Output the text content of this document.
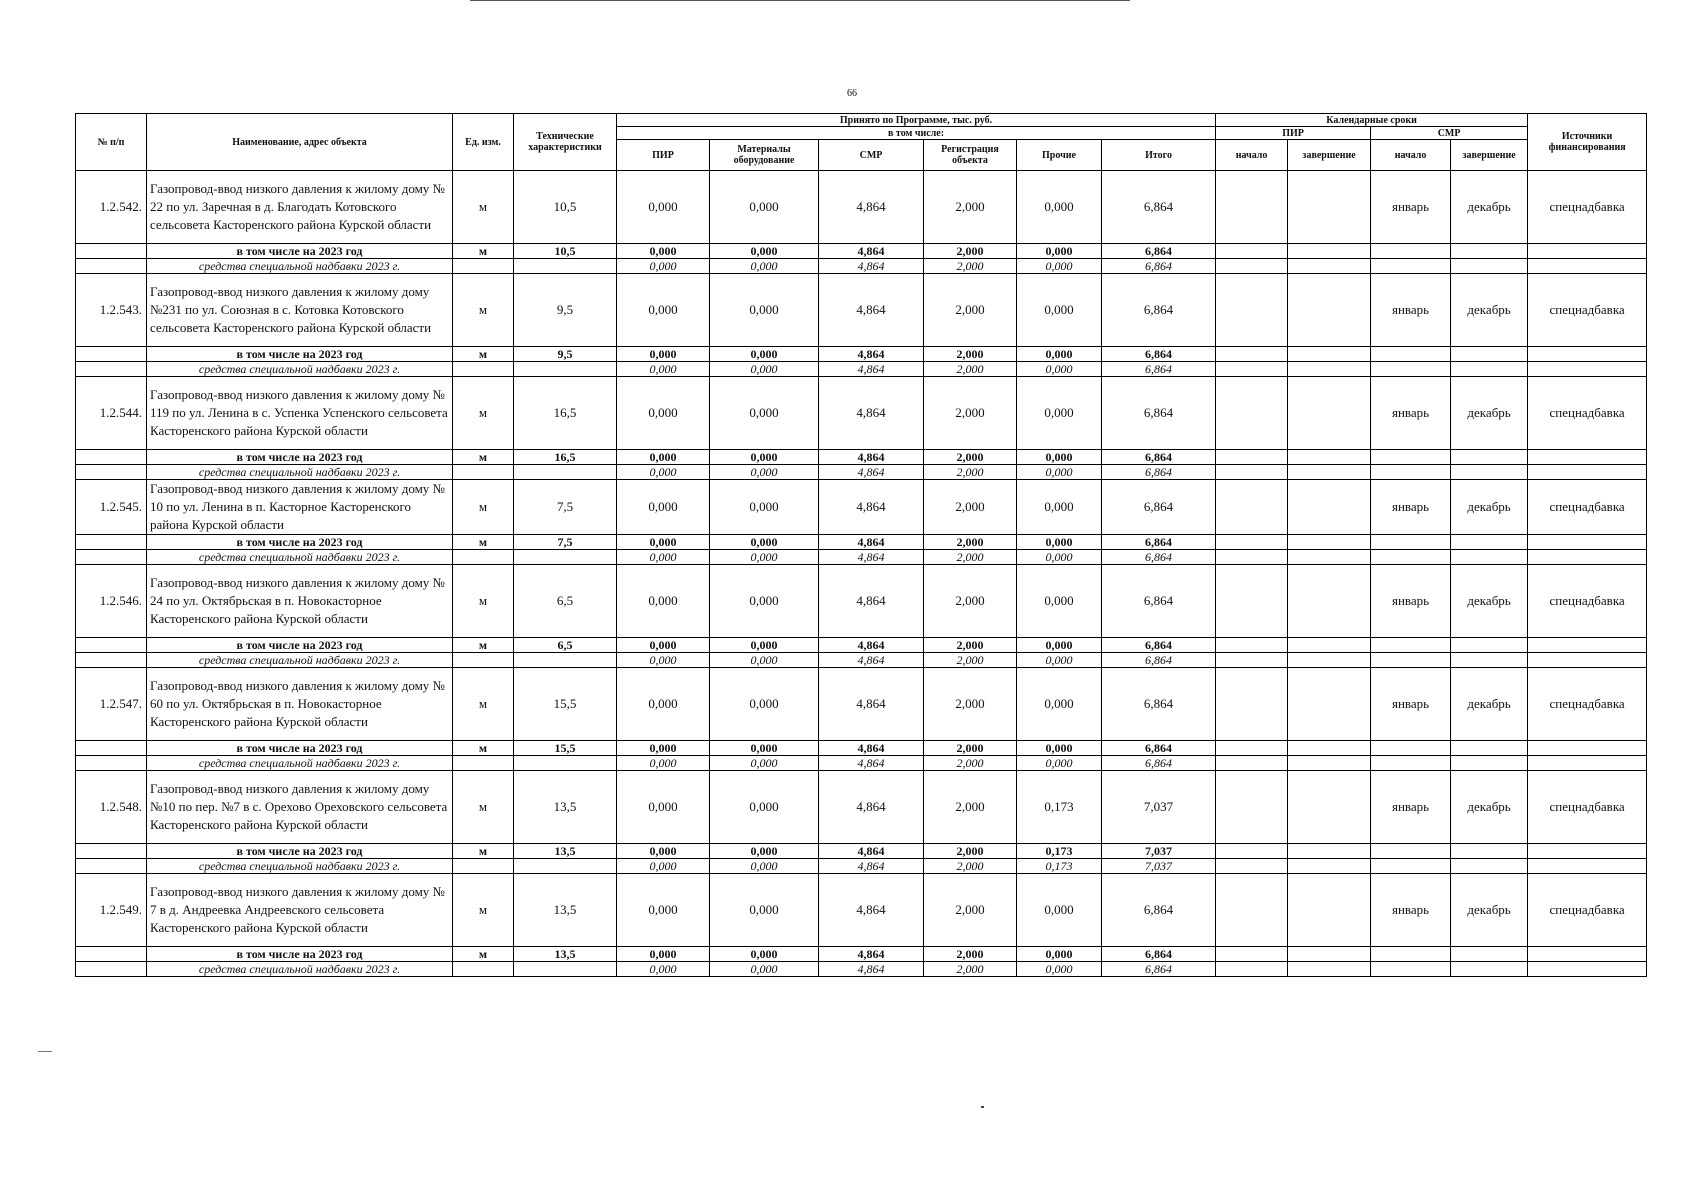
66
№ п/п	Наименование, адрес объекта	Ед. изм.	Технические характеристики	Принято по Программе, тыс. руб.						Календарные сроки				Источники финансирования
				в том числе:						ПИР		СМР		
				ПИР	Материалы оборудование	СМР	Регистрация объекта	Прочие	Итого	начало	завершение	начало	завершение	
1.2.542.	Газопровод-ввод низкого давления к жилому дому № 22 по ул. Заречная в д. Благодать Котовского сельсовета Касторенского района Курской области	м	10,5	0,000	0,000	4,864	2,000	0,000	6,864			январь	декабрь	спецнадбавка
	в том числе на 2023 год	м	10,5	0,000	0,000	4,864	2,000	0,000	6,864					
	средства специальной надбавки 2023 г.			0,000	0,000	4,864	2,000	0,000	6,864					
1.2.543.	Газопровод-ввод низкого давления к жилому дому №231 по ул. Союзная в с. Котовка Котовского сельсовета Касторенского района Курской области	м	9,5	0,000	0,000	4,864	2,000	0,000	6,864			январь	декабрь	спецнадбавка
	в том числе на 2023 год	м	9,5	0,000	0,000	4,864	2,000	0,000	6,864					
	средства специальной надбавки 2023 г.			0,000	0,000	4,864	2,000	0,000	6,864					
1.2.544.	Газопровод-ввод низкого давления к жилому дому № 119 по ул. Ленина в с. Успенка Успенского сельсовета Касторенского района Курской области	м	16,5	0,000	0,000	4,864	2,000	0,000	6,864			январь	декабрь	спецнадбавка
	в том числе на 2023 год	м	16,5	0,000	0,000	4,864	2,000	0,000	6,864					
	средства специальной надбавки 2023 г.			0,000	0,000	4,864	2,000	0,000	6,864					
1.2.545.	Газопровод-ввод низкого давления к жилому дому № 10 по ул. Ленина в п. Касторное Касторенского района Курской области	м	7,5	0,000	0,000	4,864	2,000	0,000	6,864			январь	декабрь	спецнадбавка
	в том числе на 2023 год	м	7,5	0,000	0,000	4,864	2,000	0,000	6,864					
	средства специальной надбавки 2023 г.			0,000	0,000	4,864	2,000	0,000	6,864					
1.2.546.	Газопровод-ввод низкого давления к жилому дому № 24 по ул. Октябрьская в п. Новокасторное Касторенского района Курской области	м	6,5	0,000	0,000	4,864	2,000	0,000	6,864			январь	декабрь	спецнадбавка
	в том числе на 2023 год	м	6,5	0,000	0,000	4,864	2,000	0,000	6,864					
	средства специальной надбавки 2023 г.			0,000	0,000	4,864	2,000	0,000	6,864					
1.2.547.	Газопровод-ввод низкого давления к жилому дому № 60 по ул. Октябрьская в п. Новокасторное Касторенского района Курской области	м	15,5	0,000	0,000	4,864	2,000	0,000	6,864			январь	декабрь	спецнадбавка
	в том числе на 2023 год	м	15,5	0,000	0,000	4,864	2,000	0,000	6,864					
	средства специальной надбавки 2023 г.			0,000	0,000	4,864	2,000	0,000	6,864					
1.2.548.	Газопровод-ввод низкого давления к жилому дому №10 по пер. №7 в с. Орехово Ореховского сельсовета Касторенского района Курской области	м	13,5	0,000	0,000	4,864	2,000	0,173	7,037			январь	декабрь	спецнадбавка
	в том числе на 2023 год	м	13,5	0,000	0,000	4,864	2,000	0,173	7,037					
	средства специальной надбавки 2023 г.			0,000	0,000	4,864	2,000	0,173	7,037					
1.2.549.	Газопровод-ввод низкого давления к жилому дому № 7 в д. Андреевка Андреевского сельсовета Касторенского района Курской области	м	13,5	0,000	0,000	4,864	2,000	0,000	6,864			январь	декабрь	спецнадбавка
	в том числе на 2023 год	м	13,5	0,000	0,000	4,864	2,000	0,000	6,864					
	средства специальной надбавки 2023 г.			0,000	0,000	4,864	2,000	0,000	6,864					
